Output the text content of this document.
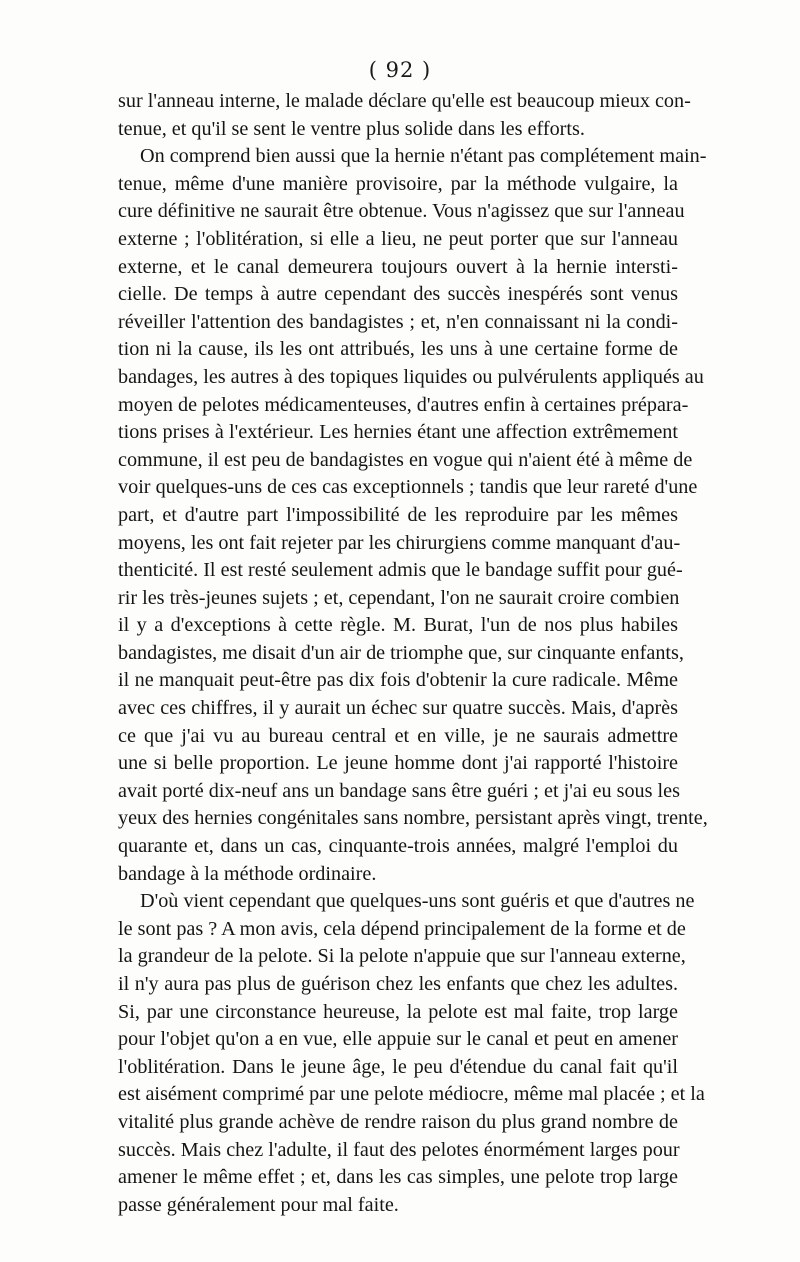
( 92 )
sur l'anneau interne, le malade déclare qu'elle est beaucoup mieux con-
tenue, et qu'il se sent le ventre plus solide dans les efforts.
On comprend bien aussi que la hernie n'étant pas complétement main-
tenue, même d'une manière provisoire, par la méthode vulgaire, la
cure définitive ne saurait être obtenue. Vous n'agissez que sur l'anneau
externe ; l'oblitération, si elle a lieu, ne peut porter que sur l'anneau
externe, et le canal demeurera toujours ouvert à la hernie intersti-
cielle. De temps à autre cependant des succès inespérés sont venus
réveiller l'attention des bandagistes ; et, n'en connaissant ni la condi-
tion ni la cause, ils les ont attribués, les uns à une certaine forme de
bandages, les autres à des topiques liquides ou pulvérulents appliqués au
moyen de pelotes médicamenteuses, d'autres enfin à certaines prépara-
tions prises à l'extérieur. Les hernies étant une affection extrêmement
commune, il est peu de bandagistes en vogue qui n'aient été à même de
voir quelques-uns de ces cas exceptionnels ; tandis que leur rareté d'une
part, et d'autre part l'impossibilité de les reproduire par les mêmes
moyens, les ont fait rejeter par les chirurgiens comme manquant d'au-
thenticité. Il est resté seulement admis que le bandage suffit pour gué-
rir les très-jeunes sujets ; et, cependant, l'on ne saurait croire combien
il y a d'exceptions à cette règle. M. Burat, l'un de nos plus habiles
bandagistes, me disait d'un air de triomphe que, sur cinquante enfants,
il ne manquait peut-être pas dix fois d'obtenir la cure radicale. Même
avec ces chiffres, il y aurait un échec sur quatre succès. Mais, d'après
ce que j'ai vu au bureau central et en ville, je ne saurais admettre
une si belle proportion. Le jeune homme dont j'ai rapporté l'histoire
avait porté dix-neuf ans un bandage sans être guéri ; et j'ai eu sous les
yeux des hernies congénitales sans nombre, persistant après vingt, trente,
quarante et, dans un cas, cinquante-trois années, malgré l'emploi du
bandage à la méthode ordinaire.
D'où vient cependant que quelques-uns sont guéris et que d'autres ne
le sont pas ? A mon avis, cela dépend principalement de la forme et de
la grandeur de la pelote. Si la pelote n'appuie que sur l'anneau externe,
il n'y aura pas plus de guérison chez les enfants que chez les adultes.
Si, par une circonstance heureuse, la pelote est mal faite, trop large
pour l'objet qu'on a en vue, elle appuie sur le canal et peut en amener
l'oblitération. Dans le jeune âge, le peu d'étendue du canal fait qu'il
est aisément comprimé par une pelote médiocre, même mal placée ; et la
vitalité plus grande achève de rendre raison du plus grand nombre de
succès. Mais chez l'adulte, il faut des pelotes énormément larges pour
amener le même effet ; et, dans les cas simples, une pelote trop large
passe généralement pour mal faite.
